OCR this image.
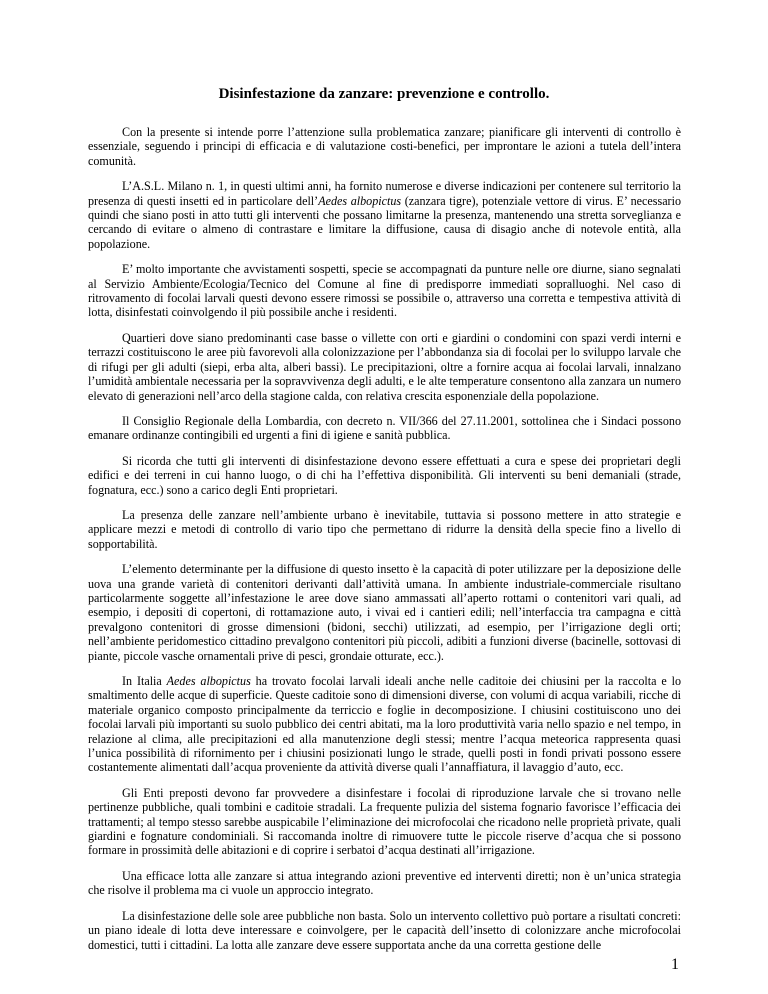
Disinfestazione da zanzare: prevenzione e controllo.

Con la presente si intende porre l’attenzione sulla problematica zanzare; pianificare gli interventi di controllo è essenziale, seguendo i principi di efficacia e di valutazione costi-benefici, per improntare le azioni a tutela dell’intera comunità.

L’A.S.L. Milano n. 1, in questi ultimi anni, ha fornito numerose e diverse indicazioni per contenere sul territorio la presenza di questi insetti ed in particolare dell’Aedes albopictus (zanzara tigre), potenziale vettore di virus. E’ necessario quindi che siano posti in atto tutti gli interventi che possano limitarne la presenza, mantenendo una stretta sorveglianza e cercando di evitare o almeno di contrastare e limitare la diffusione, causa di disagio anche di notevole entità, alla popolazione.

E’ molto importante che avvistamenti sospetti, specie se accompagnati da punture nelle ore diurne, siano segnalati al Servizio Ambiente/Ecologia/Tecnico del Comune al fine di predisporre immediati sopralluoghi. Nel caso di ritrovamento di focolai larvali questi devono essere rimossi se possibile o, attraverso una corretta e tempestiva attività di lotta, disinfestati coinvolgendo il più possibile anche i residenti.

Quartieri dove siano predominanti case basse o villette con orti e giardini o condomini con spazi verdi interni e terrazzi costituiscono le aree più favorevoli alla colonizzazione per l’abbondanza sia di focolai per lo sviluppo larvale che di rifugi per gli adulti (siepi, erba alta, alberi bassi). Le precipitazioni, oltre a fornire acqua ai focolai larvali, innalzano l’umidità ambientale necessaria per la sopravvivenza degli adulti, e le alte temperature consentono alla zanzara un numero elevato di generazioni nell’arco della stagione calda, con relativa crescita esponenziale della popolazione.

Il Consiglio Regionale della Lombardia, con decreto n. VII/366 del 27.11.2001, sottolinea che i Sindaci possono emanare ordinanze contingibili ed urgenti a fini di igiene e sanità pubblica.

Si ricorda che tutti gli interventi di disinfestazione devono essere effettuati a cura e spese dei proprietari degli edifici e dei terreni in cui hanno luogo, o di chi ha l’effettiva disponibilità. Gli interventi su beni demaniali (strade, fognatura, ecc.) sono a carico degli Enti proprietari.

La presenza delle zanzare nell’ambiente urbano è inevitabile, tuttavia si possono mettere in atto strategie e applicare mezzi e metodi di controllo di vario tipo che permettano di ridurre la densità della specie fino a livello di sopportabilità.

L’elemento determinante per la diffusione di questo insetto è la capacità di poter utilizzare per la deposizione delle uova una grande varietà di contenitori derivanti dall’attività umana. In ambiente industriale-commerciale risultano particolarmente soggette all’infestazione le aree dove siano ammassati all’aperto rottami o contenitori vari quali, ad esempio, i depositi di copertoni, di rottamazione auto, i vivai ed i cantieri edili; nell’interfaccia tra campagna e città prevalgono contenitori di grosse dimensioni (bidoni, secchi) utilizzati, ad esempio, per l’irrigazione degli orti; nell’ambiente peridomestico cittadino prevalgono contenitori più piccoli, adibiti a funzioni diverse (bacinelle, sottovasi di piante, piccole vasche ornamentali prive di pesci, grondaie otturate, ecc.).

In Italia Aedes albopictus ha trovato focolai larvali ideali anche nelle caditoie dei chiusini per la raccolta e lo smaltimento delle acque di superficie. Queste caditoie sono di dimensioni diverse, con volumi di acqua variabili, ricche di materiale organico composto principalmente da terriccio e foglie in decomposizione. I chiusini costituiscono uno dei focolai larvali più importanti su suolo pubblico dei centri abitati, ma la loro produttività varia nello spazio e nel tempo, in relazione al clima, alle precipitazioni ed alla manutenzione degli stessi; mentre l’acqua meteorica rappresenta quasi l’unica possibilità di rifornimento per i chiusini posizionati lungo le strade, quelli posti in fondi privati possono essere costantemente alimentati dall’acqua proveniente da attività diverse quali l’annaffiatura, il lavaggio d’auto, ecc.

Gli Enti preposti devono far provvedere a disinfestare i focolai di riproduzione larvale che si trovano nelle pertinenze pubbliche, quali tombini e caditoie stradali. La frequente pulizia del sistema fognario favorisce l’efficacia dei trattamenti; al tempo stesso sarebbe auspicabile l’eliminazione dei microfocolai che ricadono nelle proprietà private, quali giardini e fognature condominiali. Si raccomanda inoltre di rimuovere tutte le piccole riserve d’acqua che si possono formare in prossimità delle abitazioni e di coprire i serbatoi d’acqua destinati all’irrigazione.

Una efficace lotta alle zanzare si attua integrando azioni preventive ed interventi diretti; non è un’unica strategia che risolve il problema ma ci vuole un approccio integrato.

La disinfestazione delle sole aree pubbliche non basta. Solo un intervento collettivo può portare a risultati concreti: un piano ideale di lotta deve interessare e coinvolgere, per le capacità dell’insetto di colonizzare anche microfocolai domestici, tutti i cittadini. La lotta alle zanzare deve essere supportata anche da una corretta gestione delle

1
